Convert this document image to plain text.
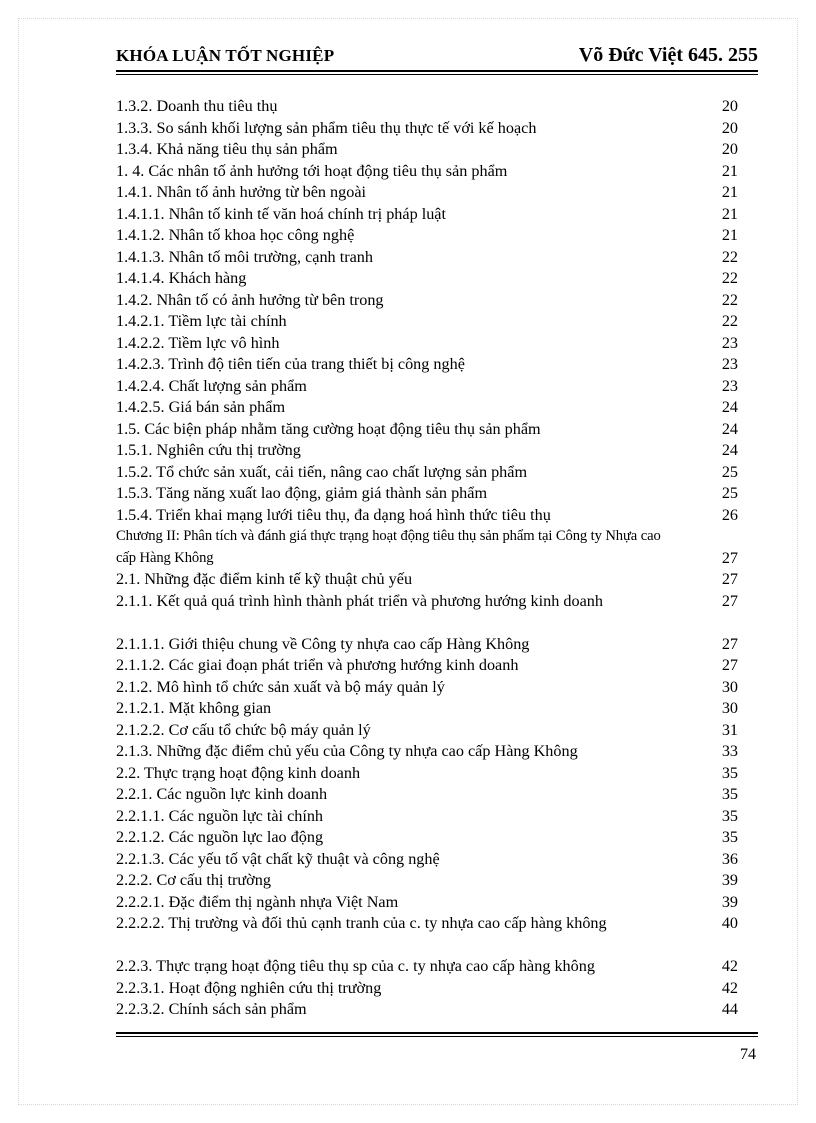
KHÓA LUẬN TỐT NGHIỆP	Võ Đức Việt 645. 255
1.3.2. Doanh thu tiêu thụ	20
1.3.3. So sánh khối lượng sản phẩm tiêu thụ thực tế với kế hoạch	20
1.3.4. Khả năng tiêu thụ sản phẩm	20
1. 4. Các nhân tố ảnh hưởng tới hoạt động tiêu thụ sản phẩm	21
1.4.1. Nhân tố ảnh hưởng từ bên ngoài	21
1.4.1.1. Nhân tố kinh tế văn hoá chính trị pháp luật	21
1.4.1.2. Nhân tố khoa học công nghệ	21
1.4.1.3. Nhân tố môi trường, cạnh tranh	22
1.4.1.4. Khách hàng	22
1.4.2. Nhân tố có ảnh hưởng từ bên trong	22
1.4.2.1. Tiềm lực tài chính	22
1.4.2.2. Tiềm lực vô hình	23
1.4.2.3. Trình độ tiên tiến của trang thiết bị công nghệ	23
1.4.2.4. Chất lượng sản phẩm	23
1.4.2.5. Giá bán sản phẩm	24
1.5. Các biện pháp nhằm tăng cường hoạt động tiêu thụ sản phẩm	24
1.5.1. Nghiên cứu thị trường	24
1.5.2. Tổ chức sản xuất, cải tiến, nâng cao chất lượng sản phẩm	25
1.5.3. Tăng năng xuất lao động, giảm giá thành sản phẩm	25
1.5.4. Triển khai mạng lưới tiêu thụ, đa dạng hoá hình thức tiêu thụ	26
Chương II: Phân tích và đánh giá thực trạng hoạt động tiêu thụ sản phẩm tại Công ty Nhựa cao cấp Hàng Không	27
2.1. Những đặc điểm kinh tế kỹ thuật chủ yếu	27
2.1.1. Kết quả quá trình hình thành phát triển và phương hướng kinh doanh	27
2.1.1.1. Giới thiệu chung về Công ty nhựa cao cấp Hàng Không	27
2.1.1.2. Các giai đoạn phát triển và phương hướng kinh doanh	27
2.1.2. Mô hình tổ chức sản xuất và bộ máy quản lý	30
2.1.2.1. Mặt không gian	30
2.1.2.2. Cơ cấu tổ chức bộ máy quản lý	31
2.1.3. Những đặc điểm chủ yếu của Công ty nhựa cao cấp Hàng Không	33
2.2. Thực trạng hoạt động kinh doanh	35
2.2.1. Các nguồn lực kinh doanh	35
2.2.1.1. Các nguồn lực tài chính	35
2.2.1.2. Các nguồn lực lao động	35
2.2.1.3. Các yếu tố vật chất kỹ thuật và công nghệ	36
2.2.2. Cơ cấu thị trường	39
2.2.2.1. Đặc điểm thị ngành nhựa Việt Nam	39
2.2.2.2. Thị trường và đối thủ cạnh tranh của c. ty nhựa cao cấp hàng không	40
2.2.3. Thực trạng hoạt động tiêu thụ sp của c. ty nhựa cao cấp hàng không	42
2.2.3.1. Hoạt động nghiên cứu thị trường	42
2.2.3.2. Chính sách sản phẩm	44
74
